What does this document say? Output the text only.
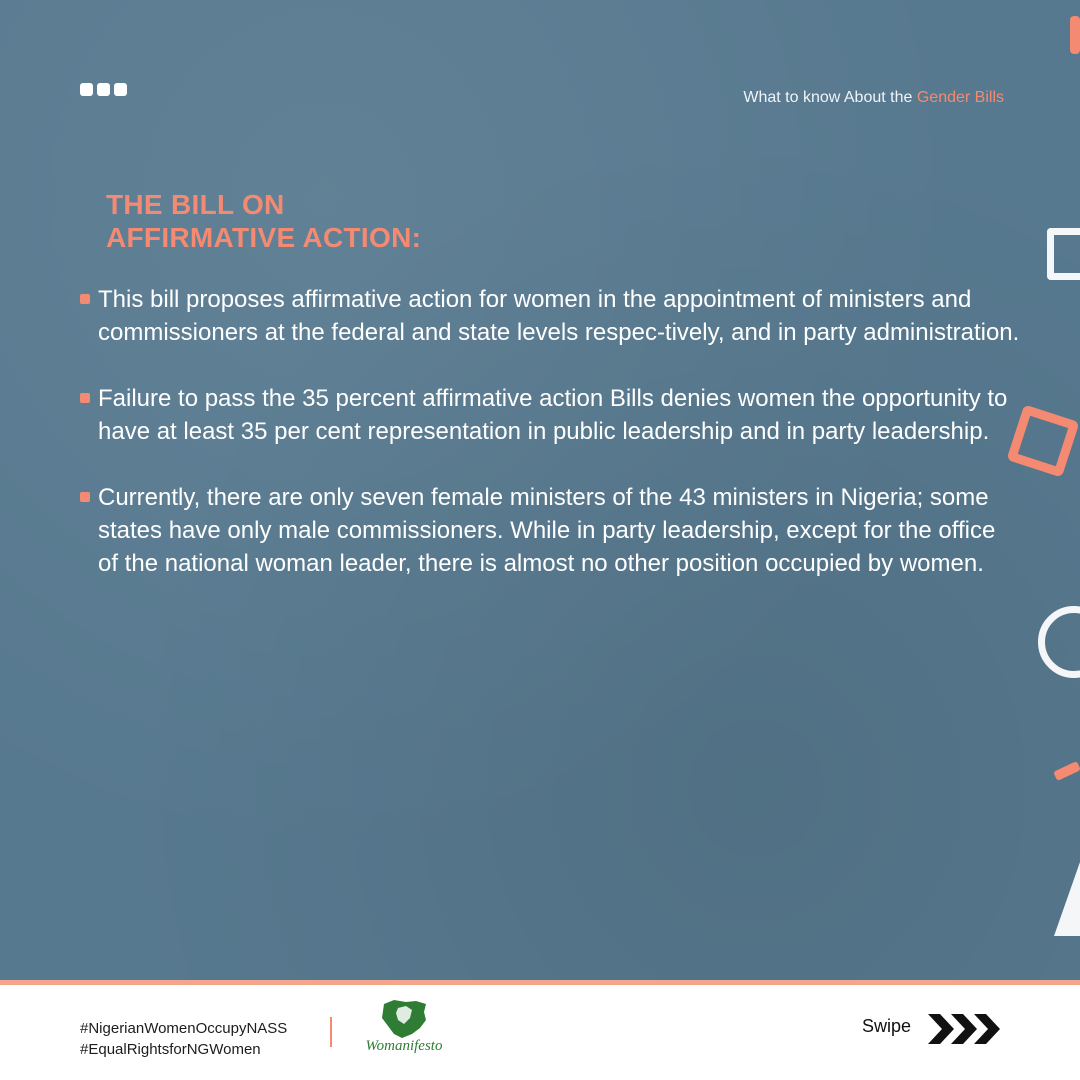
What to know About the Gender Bills
THE BILL ON
AFFIRMATIVE ACTION:
This bill proposes affirmative action for women in the appointment of ministers and commissioners at the federal and state levels respec-tively, and in party administration.
Failure to pass the 35 percent affirmative action Bills denies women the opportunity to have at least 35 per cent representation in public leadership and in party leadership.
Currently, there are only seven female ministers of the 43 ministers in Nigeria; some states have only male commissioners. While in party leadership, except for the office of the national woman leader, there is almost no other position occupied by women.
#NigerianWomenOccupyNASS
#EqualRightsforNGWomen	Womanifesto
Swipe
